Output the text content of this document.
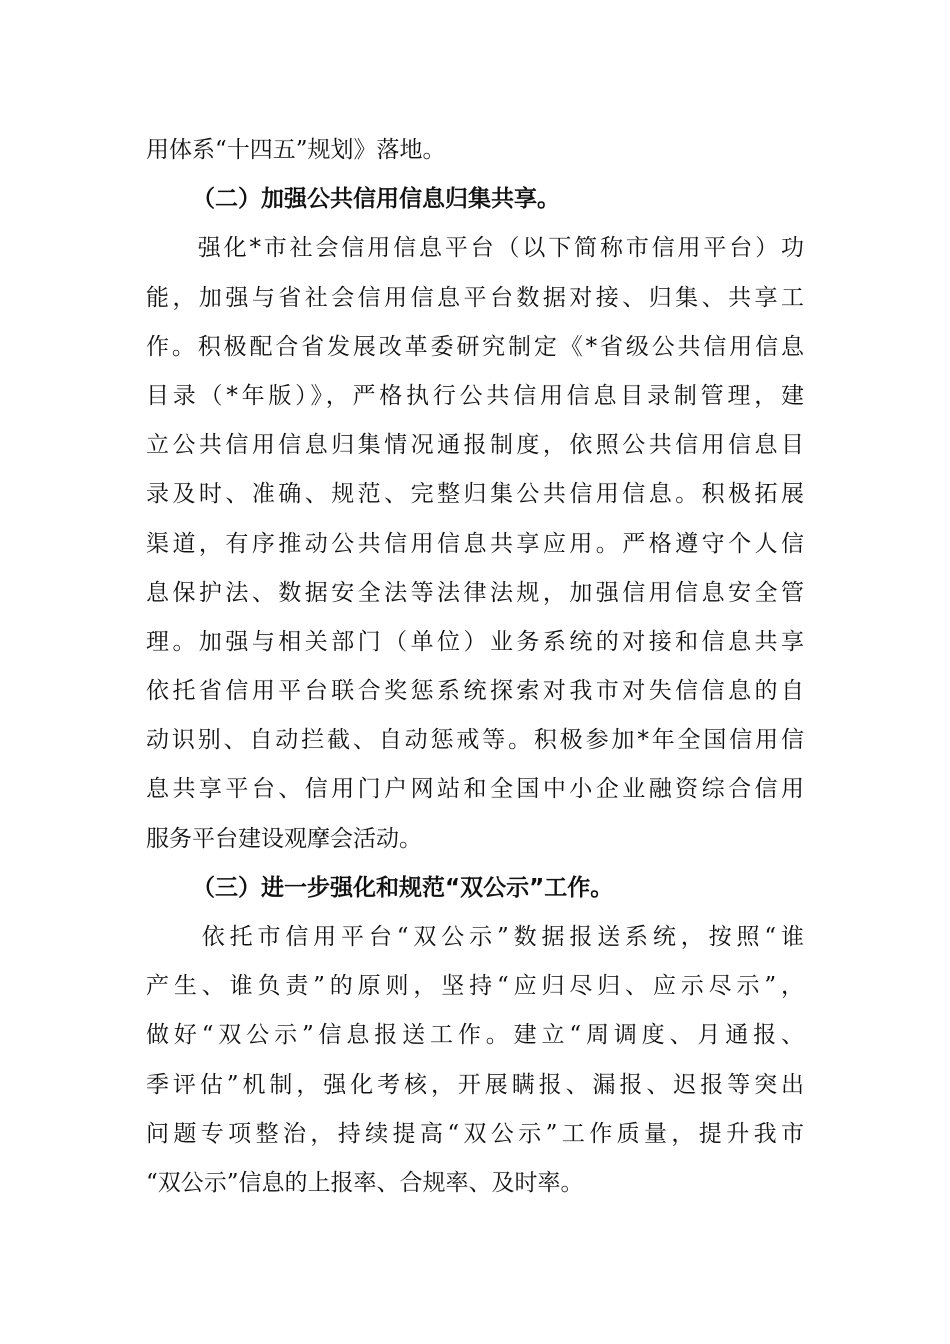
用体系“十四五”规划》落地。
（二）加强公共信用信息归集共享。
　　强化*市社会信用信息平台（以下简称市信用平台）功
能，加强与省社会信用信息平台数据对接、归集、共享工
作。积极配合省发展改革委研究制定《*省级公共信用信息
目录（*年版）》，严格执行公共信用信息目录制管理，建
立公共信用信息归集情况通报制度，依照公共信用信息目
录及时、准确、规范、完整归集公共信用信息。积极拓展
渠道，有序推动公共信用信息共享应用。严格遵守个人信
息保护法、数据安全法等法律法规，加强信用信息安全管
理。加强与相关部门（单位）业务系统的对接和信息共享
依托省信用平台联合奖惩系统探索对我市对失信信息的自
动识别、自动拦截、自动惩戒等。积极参加*年全国信用信
息共享平台、信用门户网站和全国中小企业融资综合信用
服务平台建设观摩会活动。
（三）进一步强化和规范“双公示”工作。
　　依托市信用平台“双公示”数据报送系统，按照“谁
产生、谁负责”的原则，坚持“应归尽归、应示尽示”，
做好“双公示”信息报送工作。建立“周调度、月通报、
季评估”机制，强化考核，开展瞒报、漏报、迟报等突出
问题专项整治，持续提高“双公示”工作质量，提升我市
“双公示”信息的上报率、合规率、及时率。
